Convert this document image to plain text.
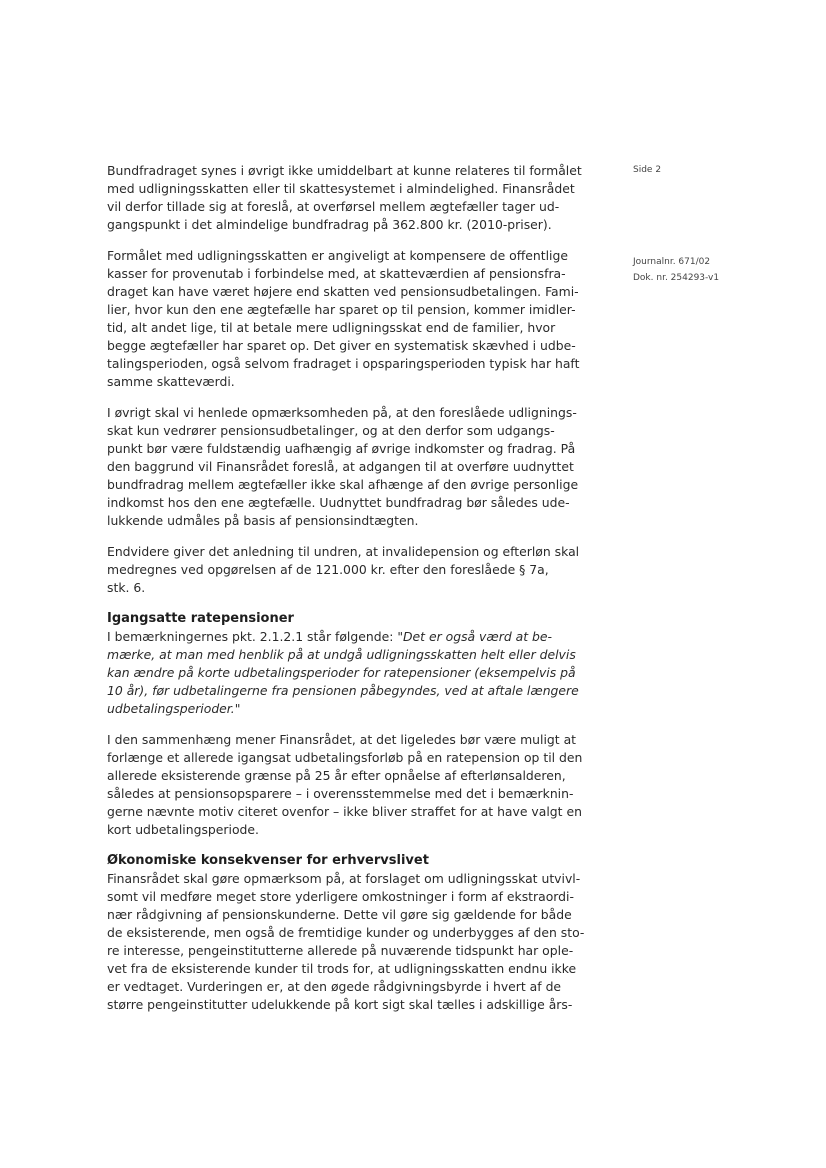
Side 2
Journalnr. 671/02
Dok. nr. 254293-v1

Bundfradraget synes i øvrigt ikke umiddelbart at kunne relateres til formålet
med udligningsskatten eller til skattesystemet i almindelighed. Finansrådet
vil derfor tillade sig at foreslå, at overførsel mellem ægtefæller tager ud-
gangspunkt i det almindelige bundfradrag på 362.800 kr. (2010-priser).

Formålet med udligningsskatten er angiveligt at kompensere de offentlige
kasser for provenutab i forbindelse med, at skatteværdien af pensionsfra-
draget kan have været højere end skatten ved pensionsudbetalingen. Fami-
lier, hvor kun den ene ægtefælle har sparet op til pension, kommer imidler-
tid, alt andet lige, til at betale mere udligningsskat end de familier, hvor
begge ægtefæller har sparet op. Det giver en systematisk skævhed i udbe-
talingsperioden, også selvom fradraget i opsparingsperioden typisk har haft
samme skatteværdi.

I øvrigt skal vi henlede opmærksomheden på, at den foreslåede udlignings-
skat kun vedrører pensionsudbetalinger, og at den derfor som udgangs-
punkt bør være fuldstændig uafhængig af øvrige indkomster og fradrag. På
den baggrund vil Finansrådet foreslå, at adgangen til at overføre uudnyttet
bundfradrag mellem ægtefæller ikke skal afhænge af den øvrige personlige
indkomst hos den ene ægtefælle. Uudnyttet bundfradrag bør således ude-
lukkende udmåles på basis af pensionsindtægten.

Endvidere giver det anledning til undren, at invalidepension og efterløn skal
medregnes ved opgørelsen af de 121.000 kr. efter den foreslåede § 7a,
stk. 6.

Igangsatte ratepensioner

I bemærkningernes pkt. 2.1.2.1 står følgende: "Det er også værd at be-
mærke, at man med henblik på at undgå udligningsskatten helt eller delvis
kan ændre på korte udbetalingsperioder for ratepensioner (eksempelvis på
10 år), før udbetalingerne fra pensionen påbegyndes, ved at aftale længere
udbetalingsperioder."

I den sammenhæng mener Finansrådet, at det ligeledes bør være muligt at
forlænge et allerede igangsat udbetalingsforløb på en ratepension op til den
allerede eksisterende grænse på 25 år efter opnåelse af efterlønsalderen,
således at pensionsopsparere – i overensstemmelse med det i bemærknin-
gerne nævnte motiv citeret ovenfor – ikke bliver straffet for at have valgt en
kort udbetalingsperiode.

Økonomiske konsekvenser for erhvervslivet

Finansrådet skal gøre opmærksom på, at forslaget om udligningsskat utvivl-
somt vil medføre meget store yderligere omkostninger i form af ekstraordi-
nær rådgivning af pensionskunderne. Dette vil gøre sig gældende for både
de eksisterende, men også de fremtidige kunder og underbygges af den sto-
re interesse, pengeinstitutterne allerede på nuværende tidspunkt har ople-
vet fra de eksisterende kunder til trods for, at udligningsskatten endnu ikke
er vedtaget. Vurderingen er, at den øgede rådgivningsbyrde i hvert af de
større pengeinstitutter udelukkende på kort sigt skal tælles i adskillige års-
